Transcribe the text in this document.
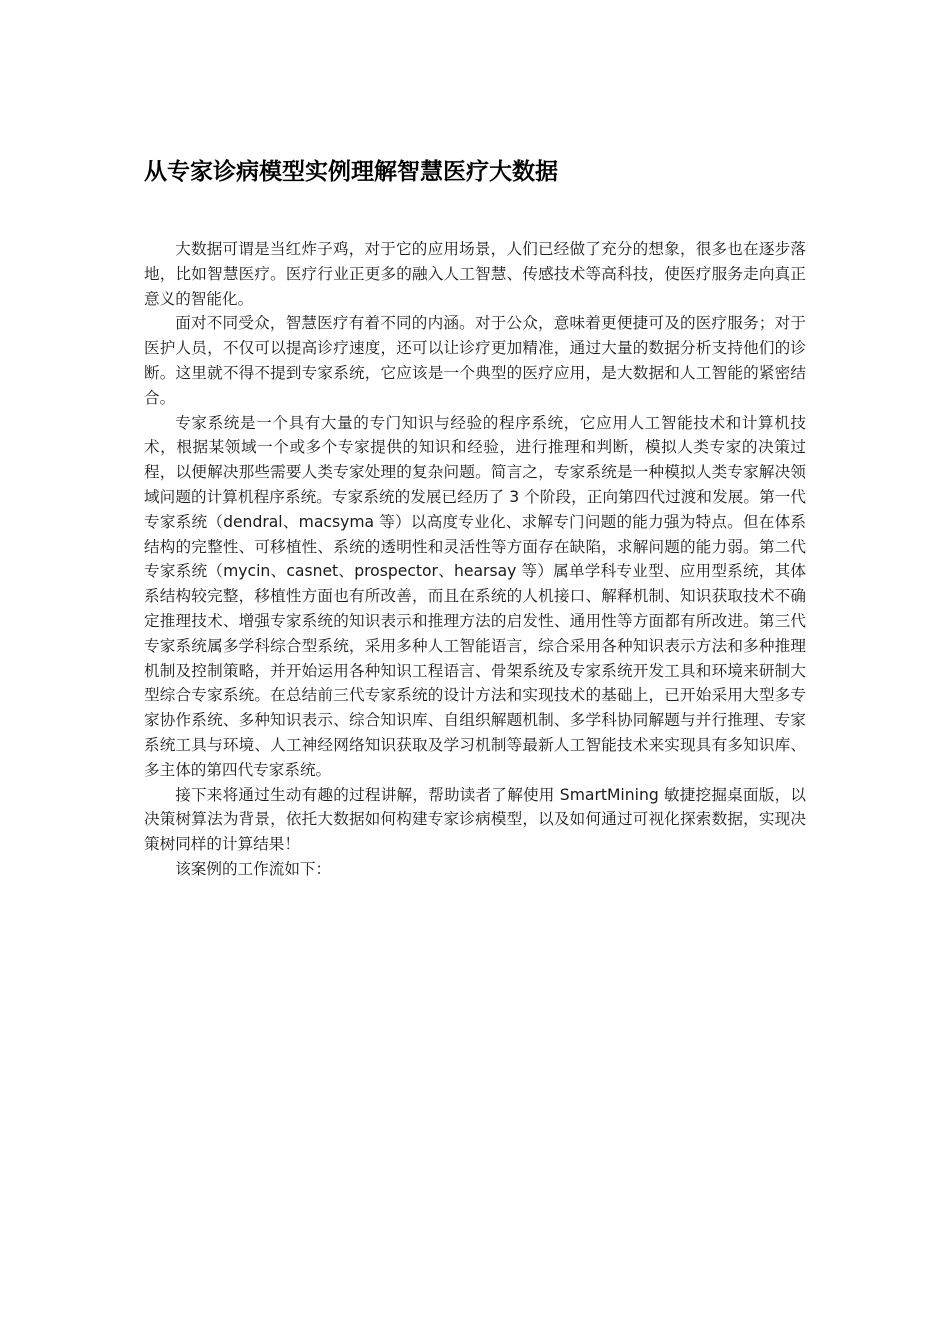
从专家诊病模型实例理解智慧医疗大数据

大数据可谓是当红炸子鸡，对于它的应用场景，人们已经做了充分的想象，很多也在逐步落地，比如智慧医疗。医疗行业正更多的融入人工智慧、传感技术等高科技，使医疗服务走向真正意义的智能化。

面对不同受众，智慧医疗有着不同的内涵。对于公众，意味着更便捷可及的医疗服务；对于医护人员，不仅可以提高诊疗速度，还可以让诊疗更加精准，通过大量的数据分析支持他们的诊断。这里就不得不提到专家系统，它应该是一个典型的医疗应用，是大数据和人工智能的紧密结合。

专家系统是一个具有大量的专门知识与经验的程序系统，它应用人工智能技术和计算机技术，根据某领域一个或多个专家提供的知识和经验，进行推理和判断，模拟人类专家的决策过程，以便解决那些需要人类专家处理的复杂问题。简言之，专家系统是一种模拟人类专家解决领域问题的计算机程序系统。专家系统的发展已经历了 3 个阶段，正向第四代过渡和发展。第一代专家系统（dendral、macsyma 等）以高度专业化、求解专门问题的能力强为特点。但在体系结构的完整性、可移植性、系统的透明性和灵活性等方面存在缺陷，求解问题的能力弱。第二代专家系统（mycin、casnet、prospector、hearsay 等）属单学科专业型、应用型系统，其体系结构较完整，移植性方面也有所改善，而且在系统的人机接口、解释机制、知识获取技术不确定推理技术、增强专家系统的知识表示和推理方法的启发性、通用性等方面都有所改进。第三代专家系统属多学科综合型系统，采用多种人工智能语言，综合采用各种知识表示方法和多种推理机制及控制策略，并开始运用各种知识工程语言、骨架系统及专家系统开发工具和环境来研制大型综合专家系统。在总结前三代专家系统的设计方法和实现技术的基础上，已开始采用大型多专家协作系统、多种知识表示、综合知识库、自组织解题机制、多学科协同解题与并行推理、专家系统工具与环境、人工神经网络知识获取及学习机制等最新人工智能技术来实现具有多知识库、多主体的第四代专家系统。

接下来将通过生动有趣的过程讲解，帮助读者了解使用 SmartMining 敏捷挖掘桌面版，以决策树算法为背景，依托大数据如何构建专家诊病模型，以及如何通过可视化探索数据，实现决策树同样的计算结果！

该案例的工作流如下：
